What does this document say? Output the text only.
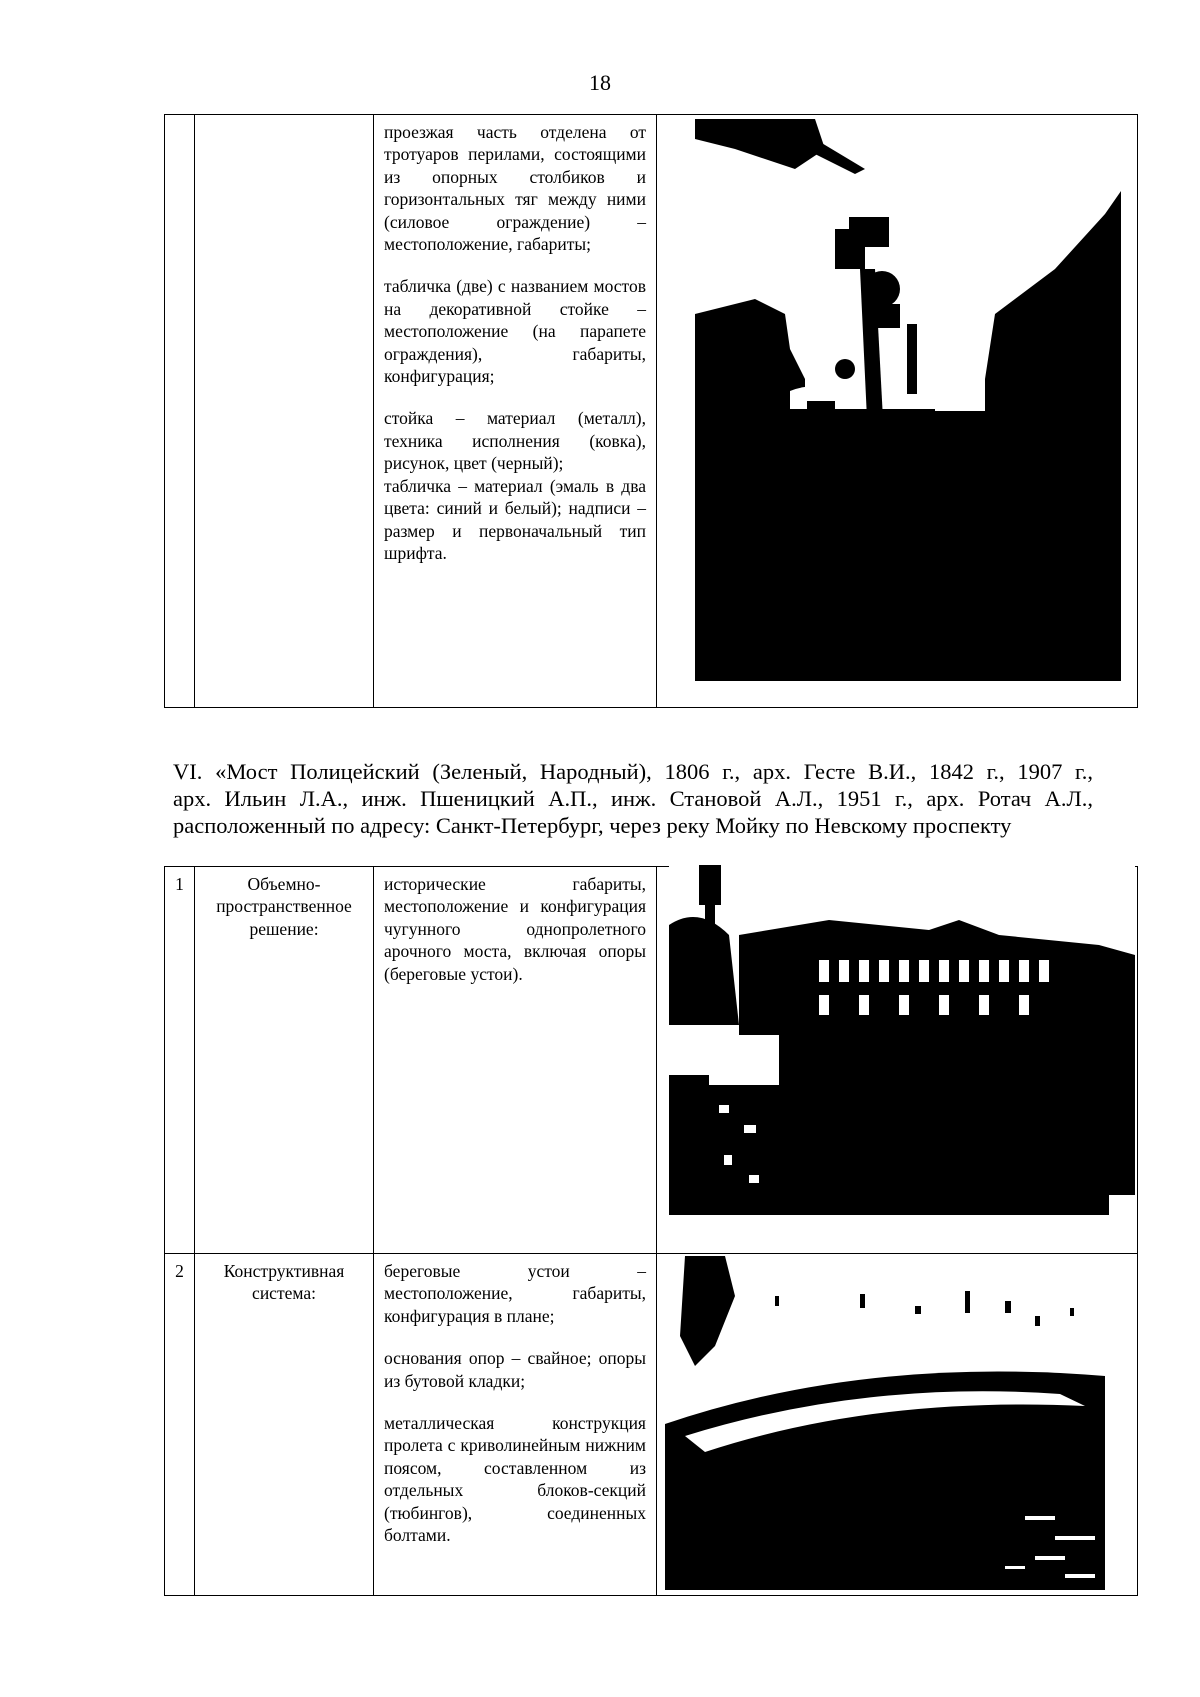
18

проезжая часть отделена от тротуаров перилами, состоящими из опорных столбиков и горизонтальных тяг между ними (силовое ограждение) – местоположение, габариты;

табличка (две) с названием мостов на декоративной стойке – местоположение (на парапете ограждения), габариты, конфигурация;

стойка – материал (металл), техника исполнения (ковка), рисунок, цвет (черный);

табличка – материал (эмаль в два цвета: синий и белый); надписи – размер и первоначальный тип шрифта.

VI. «Мост Полицейский (Зеленый, Народный), 1806 г., арх. Гесте В.И., 1842 г., 1907 г.,
арх. Ильин Л.А., инж. Пшеницкий А.П., инж. Становой А.Л., 1951 г., арх. Ротач А.Л.,
расположенный по адресу: Санкт-Петербург, через реку Мойку по Невскому проспекту
1	Объемно-пространственное решение:	исторические габариты, местоположение и конфигурация чугунного однопролетного арочного моста, включая опоры (береговые устои).

2	Конструктивная система:	береговые устои – местоположение, габариты, конфигурация в плане;

основания опор – свайное; опоры из бутовой кладки;

металлическая конструкция пролета с криволинейным нижним поясом, составленном из отдельных блоков-секций (тюбингов), соединенных болтами.
